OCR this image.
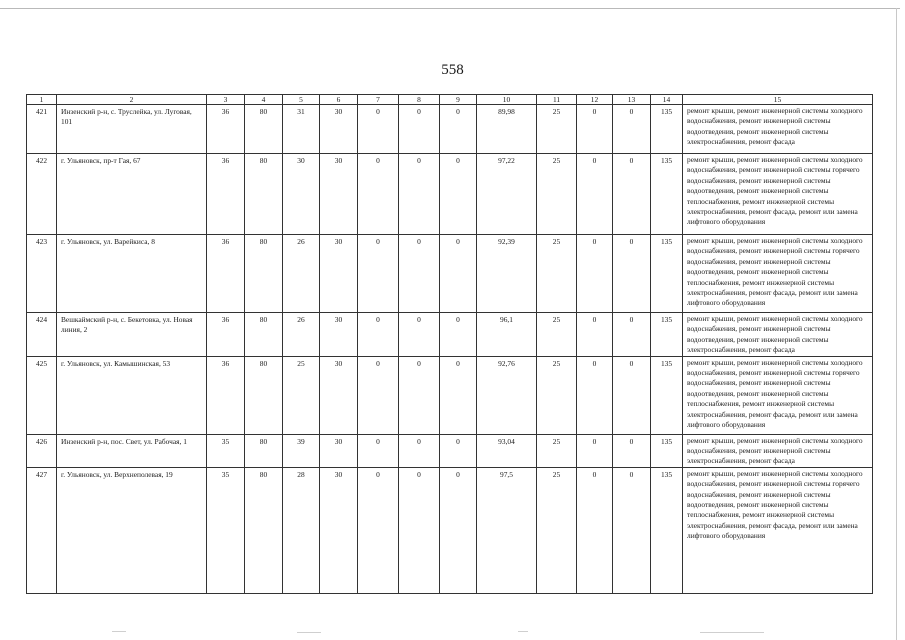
558
1	2	3	4	5	6	7	8	9	10	11	12	13	14	15
421	Инзенский р-н, с. Труслейка, ул. Луговая, 101	36	80	31	30	0	0	0	89,98	25	0	0	135	ремонт крыши, ремонт инженерной системы холодного водоснабжения, ремонт инженерной системы водоотведения, ремонт инженерной системы электроснабжения, ремонт фасада
422	г. Ульяновск, пр-т Гая, 67	36	80	30	30	0	0	0	97,22	25	0	0	135	ремонт крыши, ремонт инженерной системы холодного водоснабжения, ремонт инженерной системы горячего водоснабжения, ремонт инженерной системы водоотведения, ремонт инженерной системы теплоснабжения, ремонт инженерной системы электроснабжения, ремонт фасада, ремонт или замена лифтового оборудования
423	г. Ульяновск, ул. Варейкиса, 8	36	80	26	30	0	0	0	92,39	25	0	0	135	ремонт крыши, ремонт инженерной системы холодного водоснабжения, ремонт инженерной системы горячего водоснабжения, ремонт инженерной системы водоотведения, ремонт инженерной системы теплоснабжения, ремонт инженерной системы электроснабжения, ремонт фасада, ремонт или замена лифтового оборудования
424	Вешкаймский р-н, с. Бекетовка, ул. Новая линия, 2	36	80	26	30	0	0	0	96,1	25	0	0	135	ремонт крыши, ремонт инженерной системы холодного водоснабжения, ремонт инженерной системы водоотведения, ремонт инженерной системы электроснабжения, ремонт фасада
425	г. Ульяновск, ул. Камышинская, 53	36	80	25	30	0	0	0	92,76	25	0	0	135	ремонт крыши, ремонт инженерной системы холодного водоснабжения, ремонт инженерной системы горячего водоснабжения, ремонт инженерной системы водоотведения, ремонт инженерной системы теплоснабжения, ремонт инженерной системы электроснабжения, ремонт фасада, ремонт или замена лифтового оборудования
426	Инзенский р-н, пос. Свет, ул. Рабочая, 1	35	80	39	30	0	0	0	93,04	25	0	0	135	ремонт крыши, ремонт инженерной системы холодного водоснабжения, ремонт инженерной системы электроснабжения, ремонт фасада
427	г. Ульяновск, ул. Верхнеполевая, 19	35	80	28	30	0	0	0	97,5	25	0	0	135	ремонт крыши, ремонт инженерной системы холодного водоснабжения, ремонт инженерной системы горячего водоснабжения, ремонт инженерной системы водоотведения, ремонт инженерной системы теплоснабжения, ремонт инженерной системы электроснабжения, ремонт фасада, ремонт или замена лифтового оборудования
